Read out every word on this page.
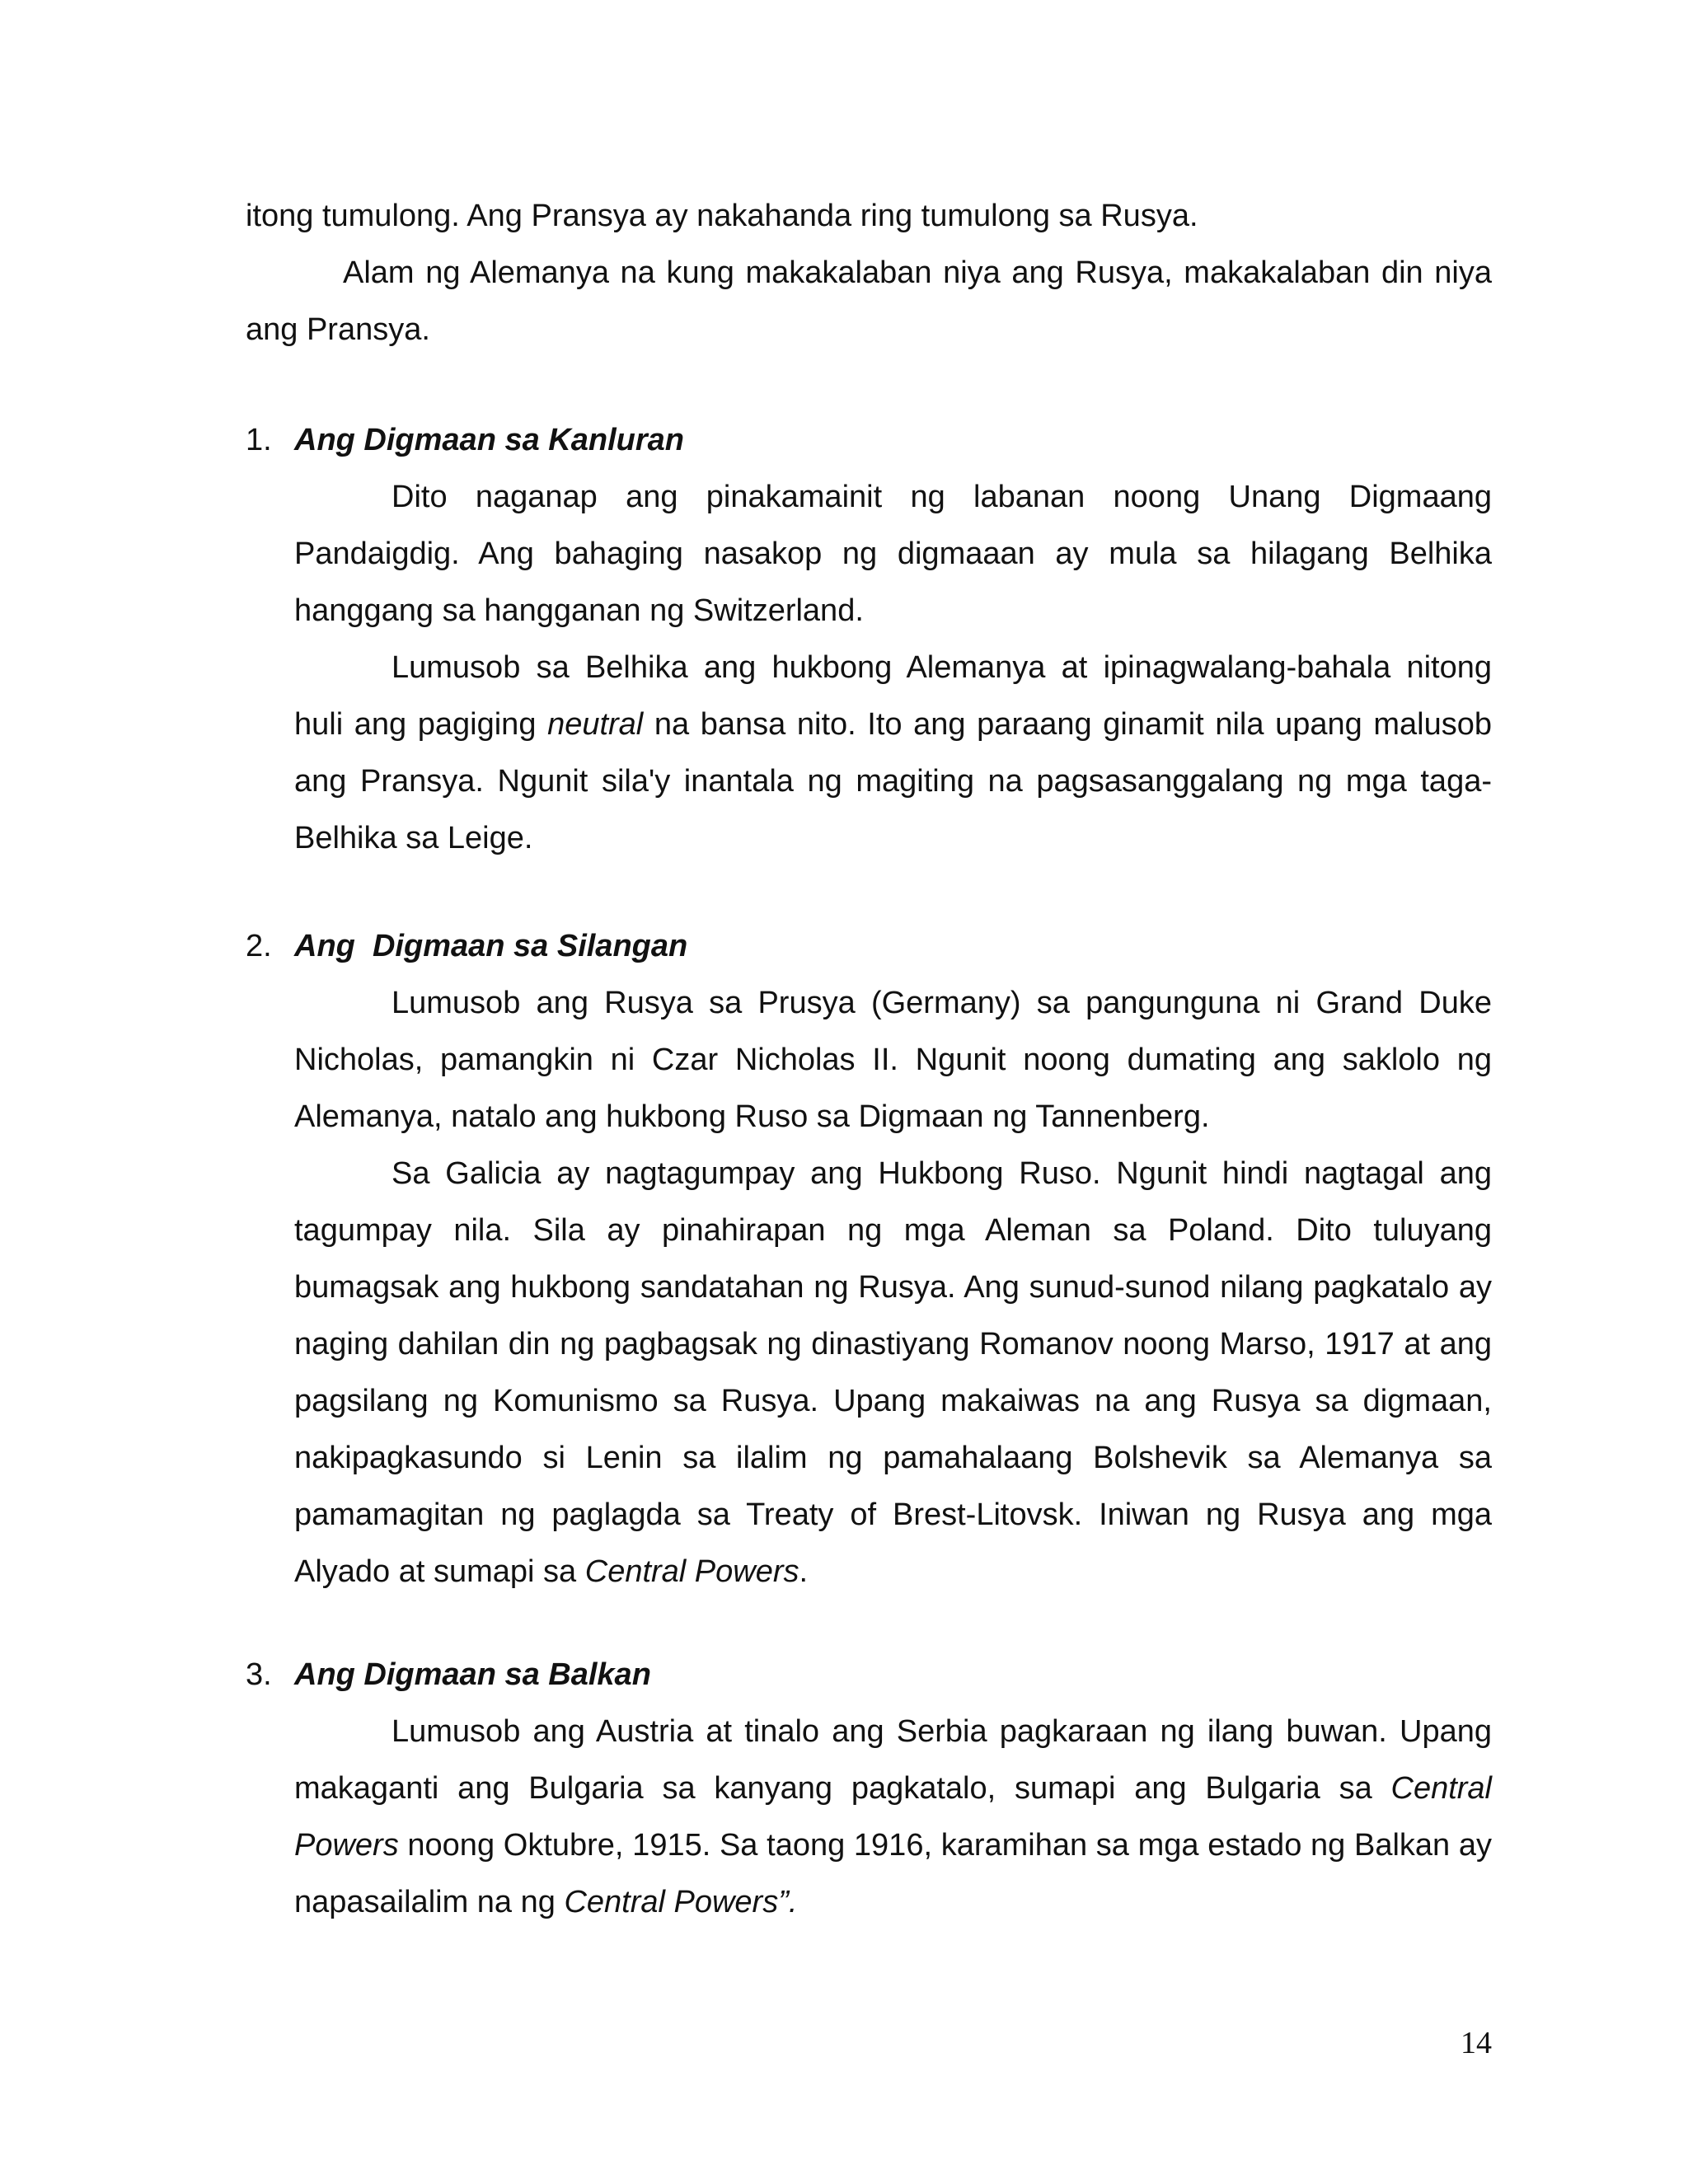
itong tumulong. Ang Pransya ay nakahanda ring tumulong sa Rusya.

Alam ng Alemanya na kung makakalaban niya ang Rusya, makakalaban din niya ang Pransya.

1. Ang Digmaan sa Kanluran

Dito naganap ang pinakamainit ng labanan noong Unang Digmaang Pandaigdig. Ang bahaging nasakop ng digmaaan ay mula sa hilagang Belhika hanggang sa hangganan ng Switzerland.

Lumusob sa Belhika ang hukbong Alemanya at ipinagwalang-bahala nitong huli ang pagiging neutral na bansa nito. Ito ang paraang ginamit nila upang malusob ang Pransya. Ngunit sila'y inantala ng magiting na pagsasanggalang ng mga taga-Belhika sa Leige.

2. Ang  Digmaan sa Silangan

Lumusob ang Rusya sa Prusya (Germany) sa pangunguna ni Grand Duke Nicholas, pamangkin ni Czar Nicholas II. Ngunit noong dumating ang saklolo ng Alemanya, natalo ang hukbong Ruso sa Digmaan ng Tannenberg.

Sa Galicia ay nagtagumpay ang Hukbong Ruso. Ngunit hindi nagtagal ang tagumpay nila. Sila ay pinahirapan ng mga Aleman sa Poland. Dito tuluyang bumagsak ang hukbong sandatahan ng Rusya. Ang sunud-sunod nilang pagkatalo ay naging dahilan din ng pagbagsak ng dinastiyang Romanov noong Marso, 1917 at ang pagsilang ng Komunismo sa Rusya. Upang makaiwas na ang Rusya sa digmaan, nakipagkasundo si Lenin sa ilalim ng pamahalaang Bolshevik sa Alemanya sa pamamagitan ng paglagda sa Treaty of Brest-Litovsk. Iniwan ng Rusya ang mga Alyado at sumapi sa Central Powers.

3. Ang Digmaan sa Balkan

Lumusob ang Austria at tinalo ang Serbia pagkaraan ng ilang buwan. Upang makaganti ang Bulgaria sa kanyang pagkatalo, sumapi ang Bulgaria sa Central Powers noong Oktubre, 1915. Sa taong 1916, karamihan sa mga estado ng Balkan ay napasailalim na ng Central Powers”.

14
